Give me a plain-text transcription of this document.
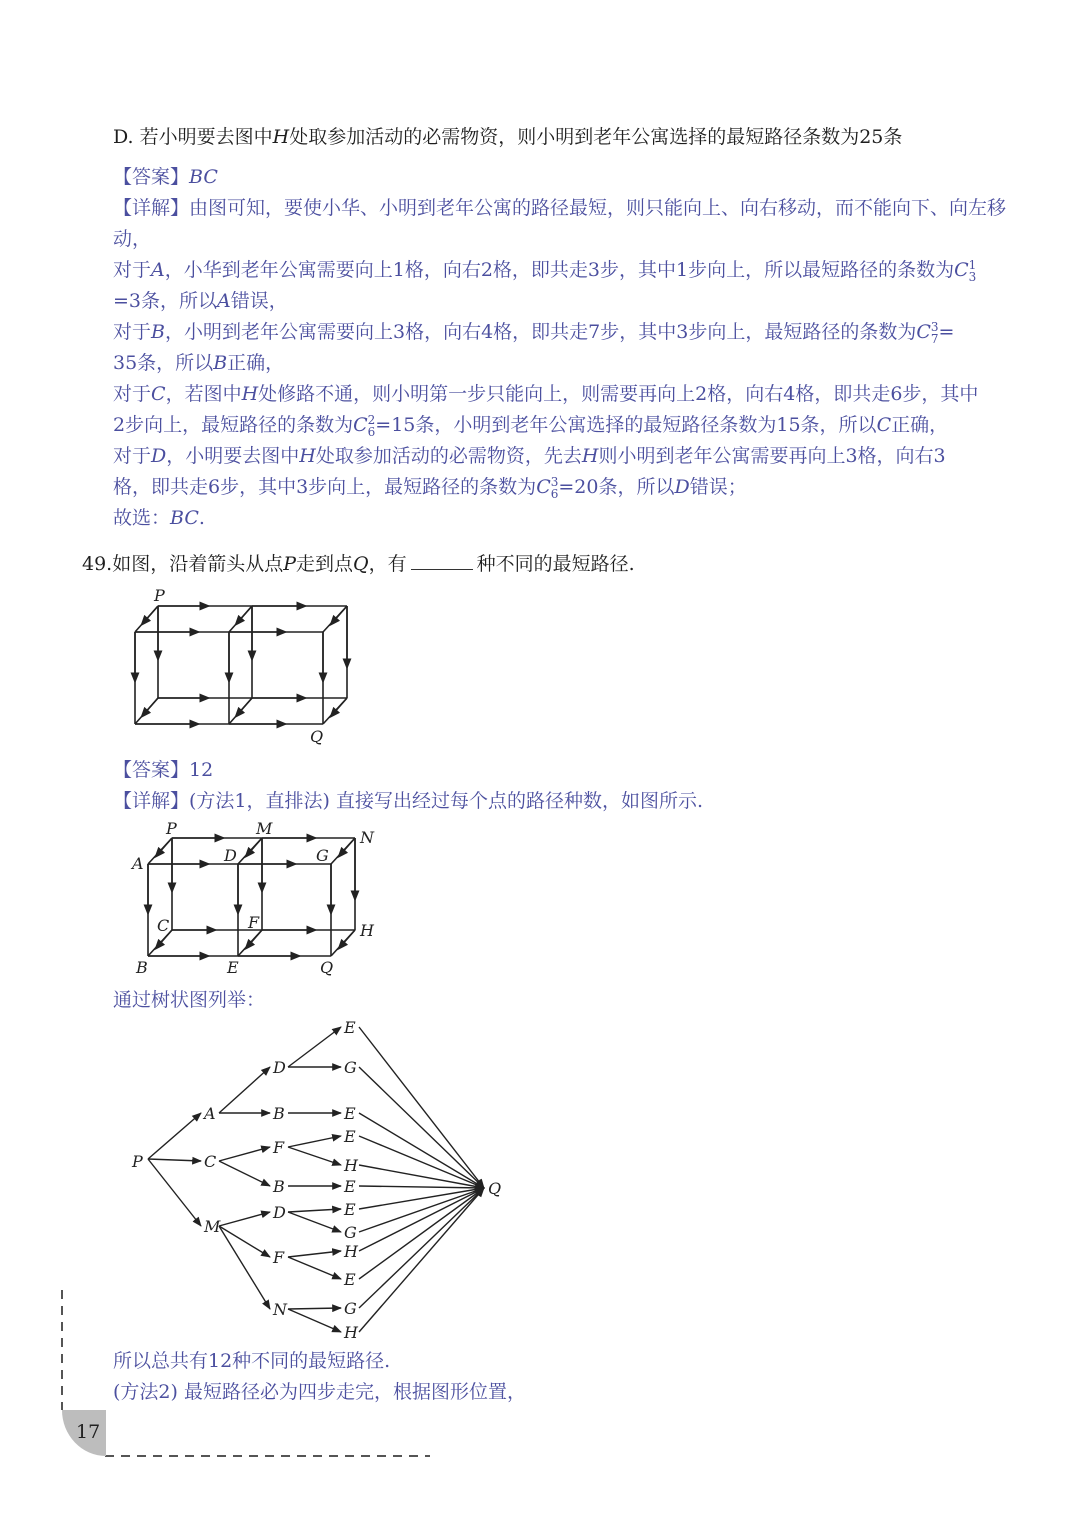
D. 若小明要去图中H处取参加活动的必需物资，则小明到老年公寓选择的最短路径条数为25条
【答案】BC
【详解】由图可知，要使小华、小明到老年公寓的路径最短，则只能向上、向右移动，而不能向下、向左移
动，
对于A，小华到老年公寓需要向上1格，向右2格，即共走3步，其中1步向上，所以最短路径的条数为C 1
3
=3条，所以A错误，
对于B，小明到老年公寓需要向上3格，向右4格，即共走7步，其中3步向上，最短路径的条数为C 3
7 =
35条，所以B正确，
对于C，若图中H处修路不通，则小明第一步只能向上，则需要再向上2格，向右4格，即共走6步，其中
2步向上，最短路径的条数为C 2
6 =15条，小明到老年公寓选择的最短路径条数为15条，所以C正确，
对于D，小明要去图中H处取参加活动的必需物资，先去H则小明到老年公寓需要再向上3格，向右3
格，即共走6步，其中3步向上，最短路径的条数为C 3
6 =20条，所以D错误；
故选：BC.
49.如图，沿着箭头从点P走到点Q，有	种不同的最短路径.
P
Q
【答案】12
【详解】(方法1，直排法) 直接写出经过每个点的路径种数，如图所示.
P	M	N
A	D	G
C	F	H
B	E	Q
通过树状图列举：
P
A
C
M
D
B
F
B
D
F
N
E
G
E
E
H
E
E
G
H
E
G
H
Q
所以总共有12种不同的最短路径.
(方法2) 最短路径必为四步走完，根据图形位置，
17
